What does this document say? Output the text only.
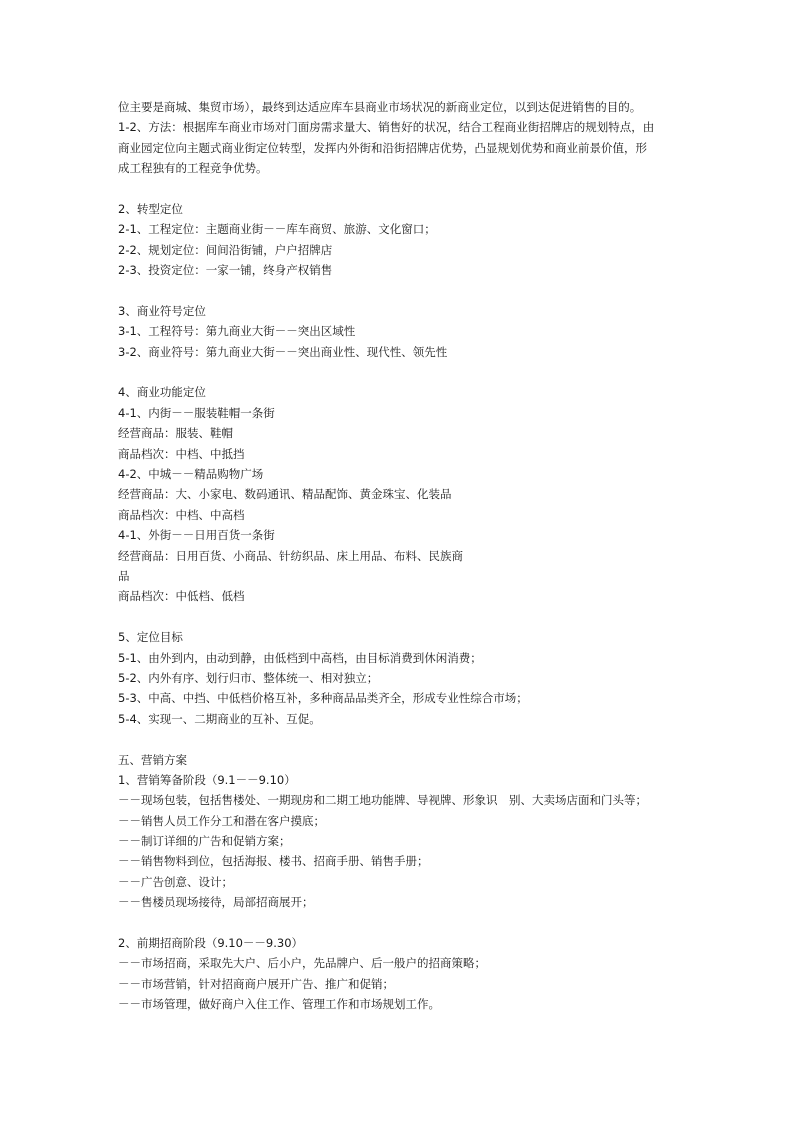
位主要是商城、集贸市场），最终到达适应库车县商业市场状况的新商业定位，以到达促进销售的目的。
1-2、方法：根据库车商业市场对门面房需求量大、销售好的状况，结合工程商业街招牌店的规划特点，由
商业园定位向主题式商业街定位转型，发挥内外街和沿街招牌店优势，凸显规划优势和商业前景价值，形
成工程独有的工程竞争优势。
2、转型定位
2-1、工程定位：主题商业街－－库车商贸、旅游、文化窗口；
2-2、规划定位：间间沿街铺，户户招牌店
2-3、投资定位：一家一铺，终身产权销售
3、商业符号定位
3-1、工程符号：第九商业大街－－突出区域性
3-2、商业符号：第九商业大街－－突出商业性、现代性、领先性
4、商业功能定位
4-1、内街－－服装鞋帽一条街
经营商品：服装、鞋帽
商品档次：中档、中抵挡
4-2、中城－－精品购物广场
经营商品：大、小家电、数码通讯、精品配饰、黄金珠宝、化装品
商品档次：中档、中高档
4-1、外街－－日用百货一条街
经营商品：日用百货、小商品、针纺织品、床上用品、布料、民族商
品
商品档次：中低档、低档
5、定位目标
5-1、由外到内，由动到静，由低档到中高档，由目标消费到休闲消费；
5-2、内外有序、划行归市、整体统一、相对独立；
5-3、中高、中挡、中低档价格互补，多种商品品类齐全，形成专业性综合市场；
5-4、实现一、二期商业的互补、互促。
五、营销方案
1、营销筹备阶段（9.1－－9.10）
－－现场包装，包括售楼处、一期现房和二期工地功能牌、导视牌、形象识　别、大卖场店面和门头等；
－－销售人员工作分工和潜在客户摸底；
－－制订详细的广告和促销方案；
－－销售物料到位，包括海报、楼书、招商手册、销售手册；
－－广告创意、设计；
－－售楼员现场接待，局部招商展开；
2、前期招商阶段（9.10－－9.30）
－－市场招商，采取先大户、后小户，先品牌户、后一般户的招商策略；
－－市场营销，针对招商商户展开广告、推广和促销；
－－市场管理，做好商户入住工作、管理工作和市场规划工作。
